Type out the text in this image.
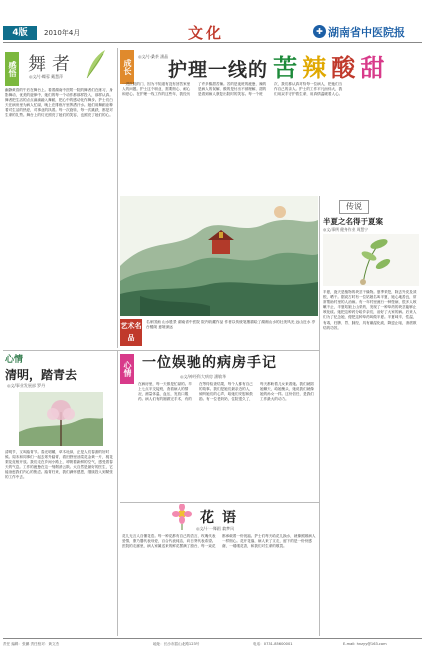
4版	2010年4月	文化	✚ 湖南省中医院报
感悟 舞者
◎文/小蝶蓉 戴慧萍
幽静黄昏的午后在舞台上。看着湖南中医附一院的舞者们在练习，身影舞动，优美的旋律中，她们的每一个动作都那样投入，那样认真。舞者把生活的点点滴滴融入舞蹈，把心中的感动化作舞步。护士们白天在病房里为病人忙碌，晚上在排练厅里挥洒汗水。她们用舞蹈诠释着对生活的热爱，对事业的执着。每一次旋转，每一次跳跃，都是对生命的礼赞。舞台上的灯光照亮了她们的笑容，也照亮了她们的心。
成长
◎文/小桑茶 潘晶
护理一线的 苦 辣 酸 甜
一进医院的门，因为不知道有没有回答家里人的问题。护士这个职业，需要细心、耐心和爱心。在护理一线工作的这些年，我经历了许多酸甜苦辣。苦的是夜班的疲惫，辣的是病人的误解，酸的是付出不被理解，甜的是看到病人康复出院时的笑容。每一个班次，我们都认真对待每一位病人，把他们当作自己的亲人。护士的工作平凡而伟大，我们用双手守护着生命，用真情温暖着人心。
传说
半夏之名得于夏案
◎文/事例 健身作业 周慧宁
半夏，旋天是植物的块茎干燥物。夏季采挖，除去外皮及须根，晒干。据说古时有一位姑娘名叫半夏，她心地善良，常常帮助村里的人治病。有一年村里流行一种怪病，很多人咳嗽不止，半夏姑娘上山采药，发现了一种草药的块茎能够止咳化痰。她把这种药分给乡亲们，治好了大家的病。后来人们为了纪念她，便把这种草药叫做半夏。半夏味辛，性温，有毒，归脾、胃、肺经，具有燥湿化痰，降逆止呕，消痞散结的功效。
艺术名品
名家国画 山水胜景 湖南省中医院 院内收藏作品 作者以传统笔墨描绘了湖湘山水的壮美风光 远山近水 亭台楼阁 意境深远
心情
清明，踏青去
◎文/事业发展部 罗丹
清明节，又叫踏青节。春光明媚，草木吐绿，正是人们春游的好时候。周末和同事们一起去郊外踏青，看田野里油菜花金黄一片，桃花梨花竞相开放。我们走在乡间小路上，呼吸着新鲜的空气，感受着春天的气息。工作的疲惫在这一刻烟消云散。大自然是最好的医生，它能治愈我们内心的焦虑。踏青归来，我们满怀感恩，继续投入到紧张的工作中去。
心情 一位娱驰的病房手记
◎文/神经科大病房 潘敏华
在病房里，每一天都是忙碌的。早上七点半交接班，查看病人的情况，测量体温、血压，发放口服药。病人们有的刚做完手术，有的在等待检查结果，每个人都有自己的故事。我们是她们最亲近的人，倾听她们的心声，给她们安慰和鼓励。有一位老奶奶，住院很久了，每天都盼着儿女来看她。我们就陪她聊天，给她梳头，她说我们就像她的孙女一样。这份信任，是我们工作最大的动力。
花语
◎文/十一舞蹈 翁梦风
花儿无言人自懂花语。每一种花都有自己的语言，玫瑰代表爱情，康乃馨代表母爱，百合代表纯洁，向日葵代表希望。医院的走廊里，病人家属送来的鲜花摆满了窗台，每一束花都承载着一份祝福。护士们每天给花儿换水，就像照顾病人一样细心。花开花落，病人来了又走，留下的是一份份感谢，一缕缕花香，和我们对生命的敬畏。
责任 编辑：张鹏 责任校对：黄文杰	地址：长沙市韶山北路123号	电话：0731-85600001	E-mail: hnzyy@163.com
